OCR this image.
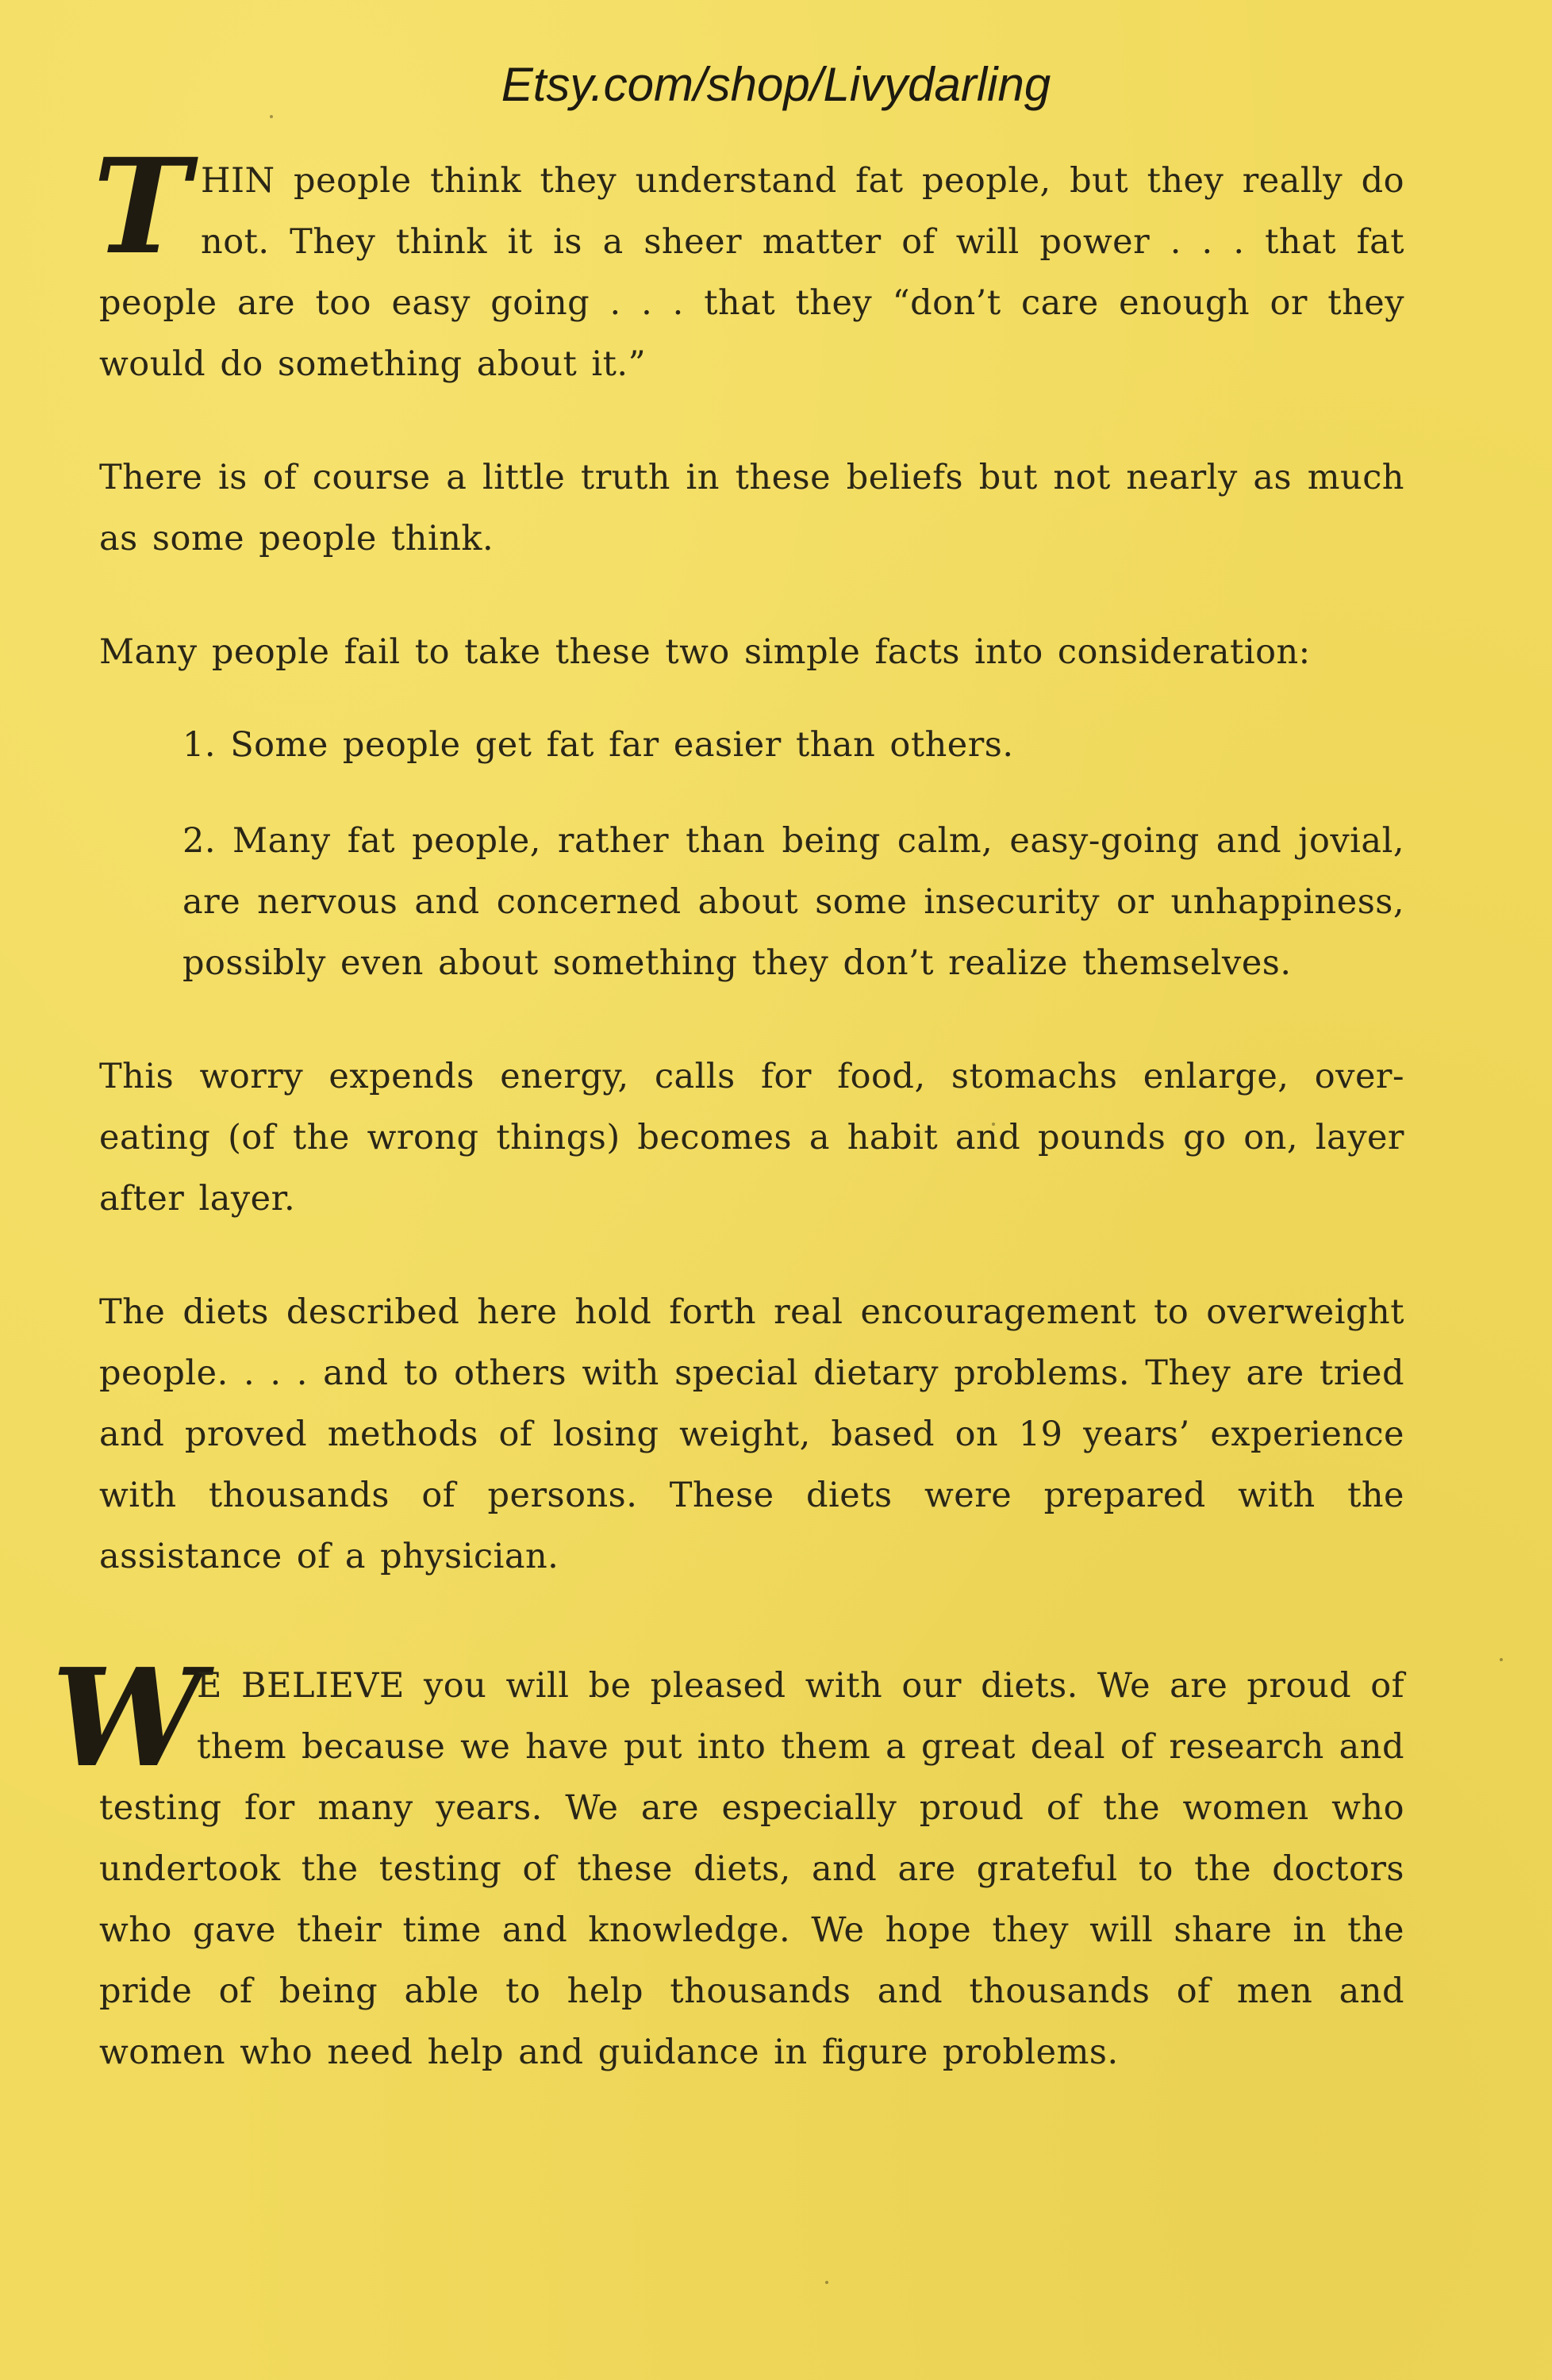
Etsy.com/shop/Livydarling

THIN people think they understand fat people, but they really do not. They think it is a sheer matter of will power . . . that fat people are too easy going . . . that they “don’t care enough or they would do something about it.”

There is of course a little truth in these beliefs but not nearly as much as some people think.

Many people fail to take these two simple facts into consideration:

1. Some people get fat far easier than others.

2. Many fat people, rather than being calm, easy-going and jovial, are nervous and concerned about some insecurity or unhappiness, possibly even about something they don’t realize themselves.

This worry expends energy, calls for food, stomachs enlarge, over-eating (of the wrong things) becomes a habit and pounds go on, layer after layer.

The diets described here hold forth real encouragement to overweight people. . . . and to others with special dietary problems. They are tried and proved methods of losing weight, based on 19 years’ experience with thousands of persons. These diets were prepared with the assistance of a physician.

W
E BELIEVE you will be pleased with our diets. We are proud of them because we have put into them a great deal of research and testing for many years. We are especially proud of the women who undertook the testing of these diets, and are grateful to the doctors who gave their time and knowledge. We hope they will share in the pride of being able to help thousands and thousands of men and women who need help and guidance in figure problems.
